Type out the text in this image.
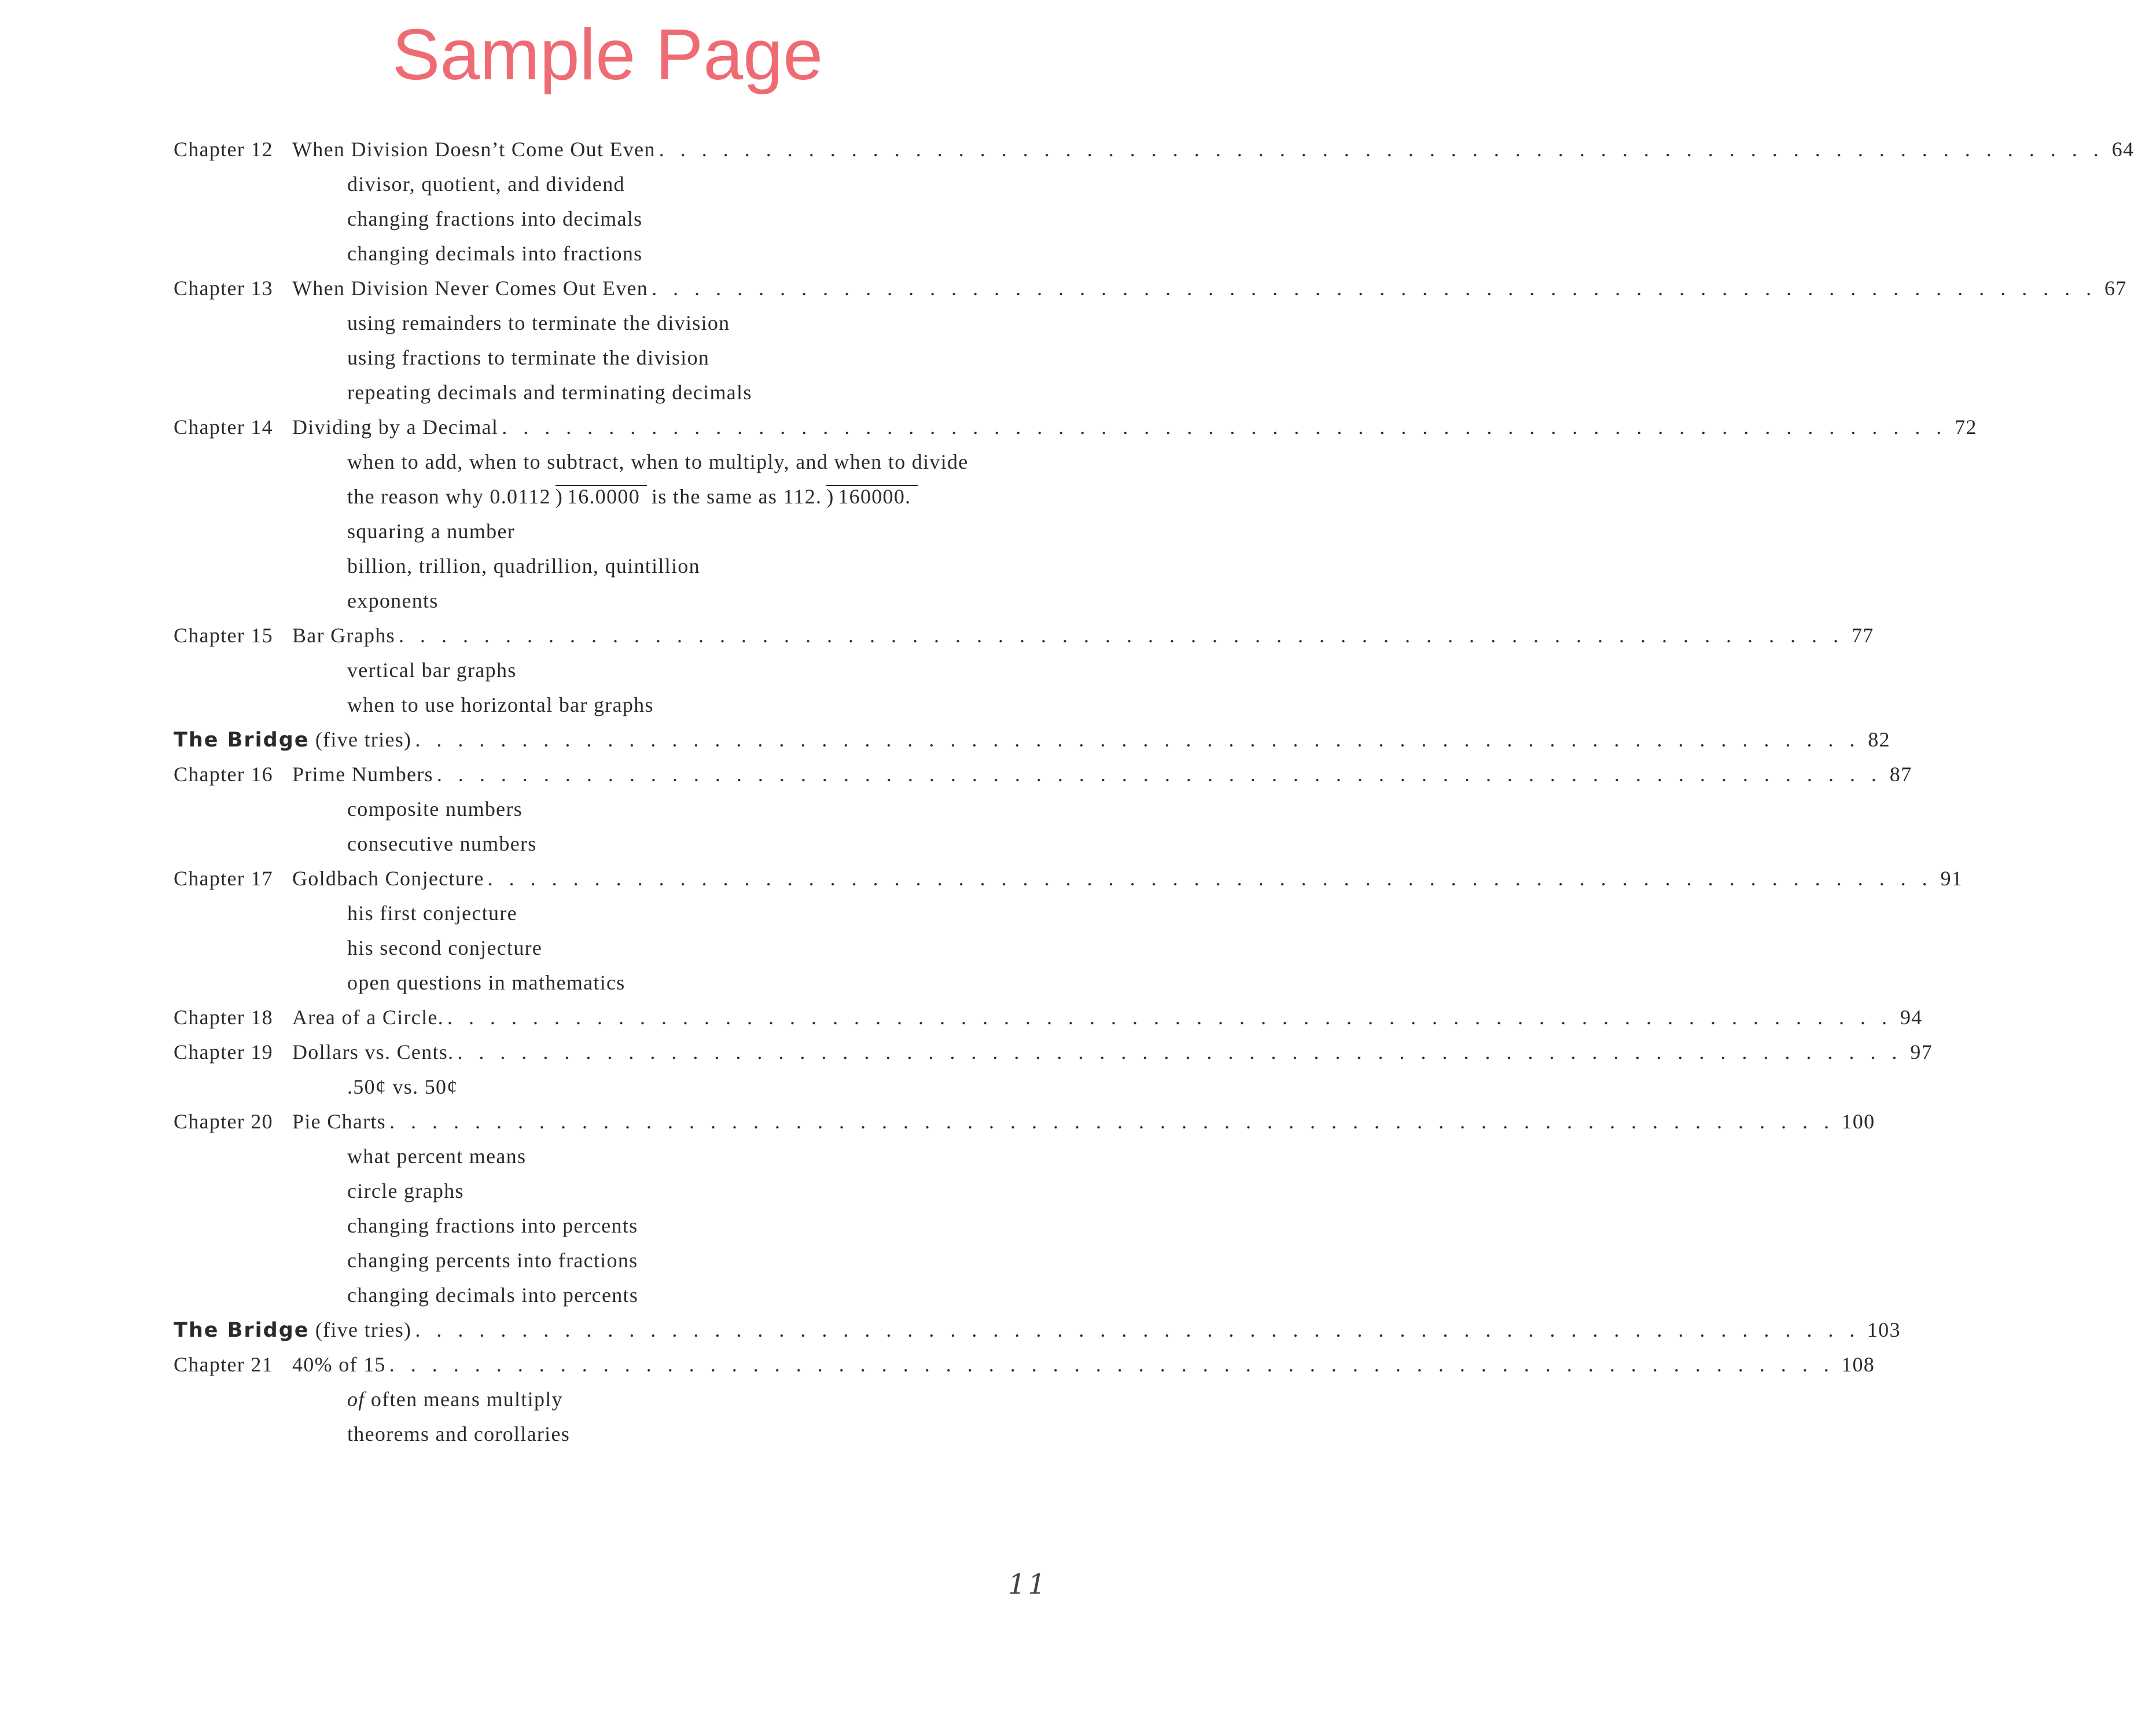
Sample Page
Chapter 12 When Division Doesn’t Come Out Even . . . . . . . . . . . . . . . . . . . . . . . . . . . . . . . . . . . . . . . . . . . . . . . . . . . . . . . . . . . . . . . . . . . . 64
divisor, quotient, and dividend
changing fractions into decimals
changing decimals into fractions
Chapter 13 When Division Never Comes Out Even . . . . . . . . . . . . . . . . . . . . . . . . . . . . . . . . . . . . . . . . . . . . . . . . . . . . . . . . . . . . . . . . . . . . 67
using remainders to terminate the division
using fractions to terminate the division
repeating decimals and terminating decimals
Chapter 14 Dividing by a Decimal . . . . . . . . . . . . . . . . . . . . . . . . . . . . . . . . . . . . . . . . . . . . . . . . . . . . . . . . . . . . . . . . . . . . 72
when to add, when to subtract, when to multiply, and when to divide
the reason why 0.0112 ) 16.0000 is the same as 112. ) 160000.
squaring a number
billion, trillion, quadrillion, quintillion
exponents
Chapter 15 Bar Graphs . . . . . . . . . . . . . . . . . . . . . . . . . . . . . . . . . . . . . . . . . . . . . . . . . . . . . . . . . . . . . . . . . . . . 77
vertical bar graphs
when to use horizontal bar graphs
The Bridge (five tries) . . . . . . . . . . . . . . . . . . . . . . . . . . . . . . . . . . . . . . . . . . . . . . . . . . . . . . . . . . . . . . . . . . . . 82
Chapter 16 Prime Numbers . . . . . . . . . . . . . . . . . . . . . . . . . . . . . . . . . . . . . . . . . . . . . . . . . . . . . . . . . . . . . . . . . . . . 87
composite numbers
consecutive numbers
Chapter 17 Goldbach Conjecture . . . . . . . . . . . . . . . . . . . . . . . . . . . . . . . . . . . . . . . . . . . . . . . . . . . . . . . . . . . . . . . . . . . . 91
his first conjecture
his second conjecture
open questions in mathematics
Chapter 18 Area of a Circle. . . . . . . . . . . . . . . . . . . . . . . . . . . . . . . . . . . . . . . . . . . . . . . . . . . . . . . . . . . . . . . . . . . . . 94
Chapter 19 Dollars vs. Cents. . . . . . . . . . . . . . . . . . . . . . . . . . . . . . . . . . . . . . . . . . . . . . . . . . . . . . . . . . . . . . . . . . . . . 97
.50¢ vs. 50¢
Chapter 20 Pie Charts . . . . . . . . . . . . . . . . . . . . . . . . . . . . . . . . . . . . . . . . . . . . . . . . . . . . . . . . . . . . . . . . . . . . 100
what percent means
circle graphs
changing fractions into percents
changing percents into fractions
changing decimals into percents
The Bridge (five tries) . . . . . . . . . . . . . . . . . . . . . . . . . . . . . . . . . . . . . . . . . . . . . . . . . . . . . . . . . . . . . . . . . . . . 103
Chapter 21 40% of 15 . . . . . . . . . . . . . . . . . . . . . . . . . . . . . . . . . . . . . . . . . . . . . . . . . . . . . . . . . . . . . . . . . . . . 108
of often means multiply
theorems and corollaries
11
